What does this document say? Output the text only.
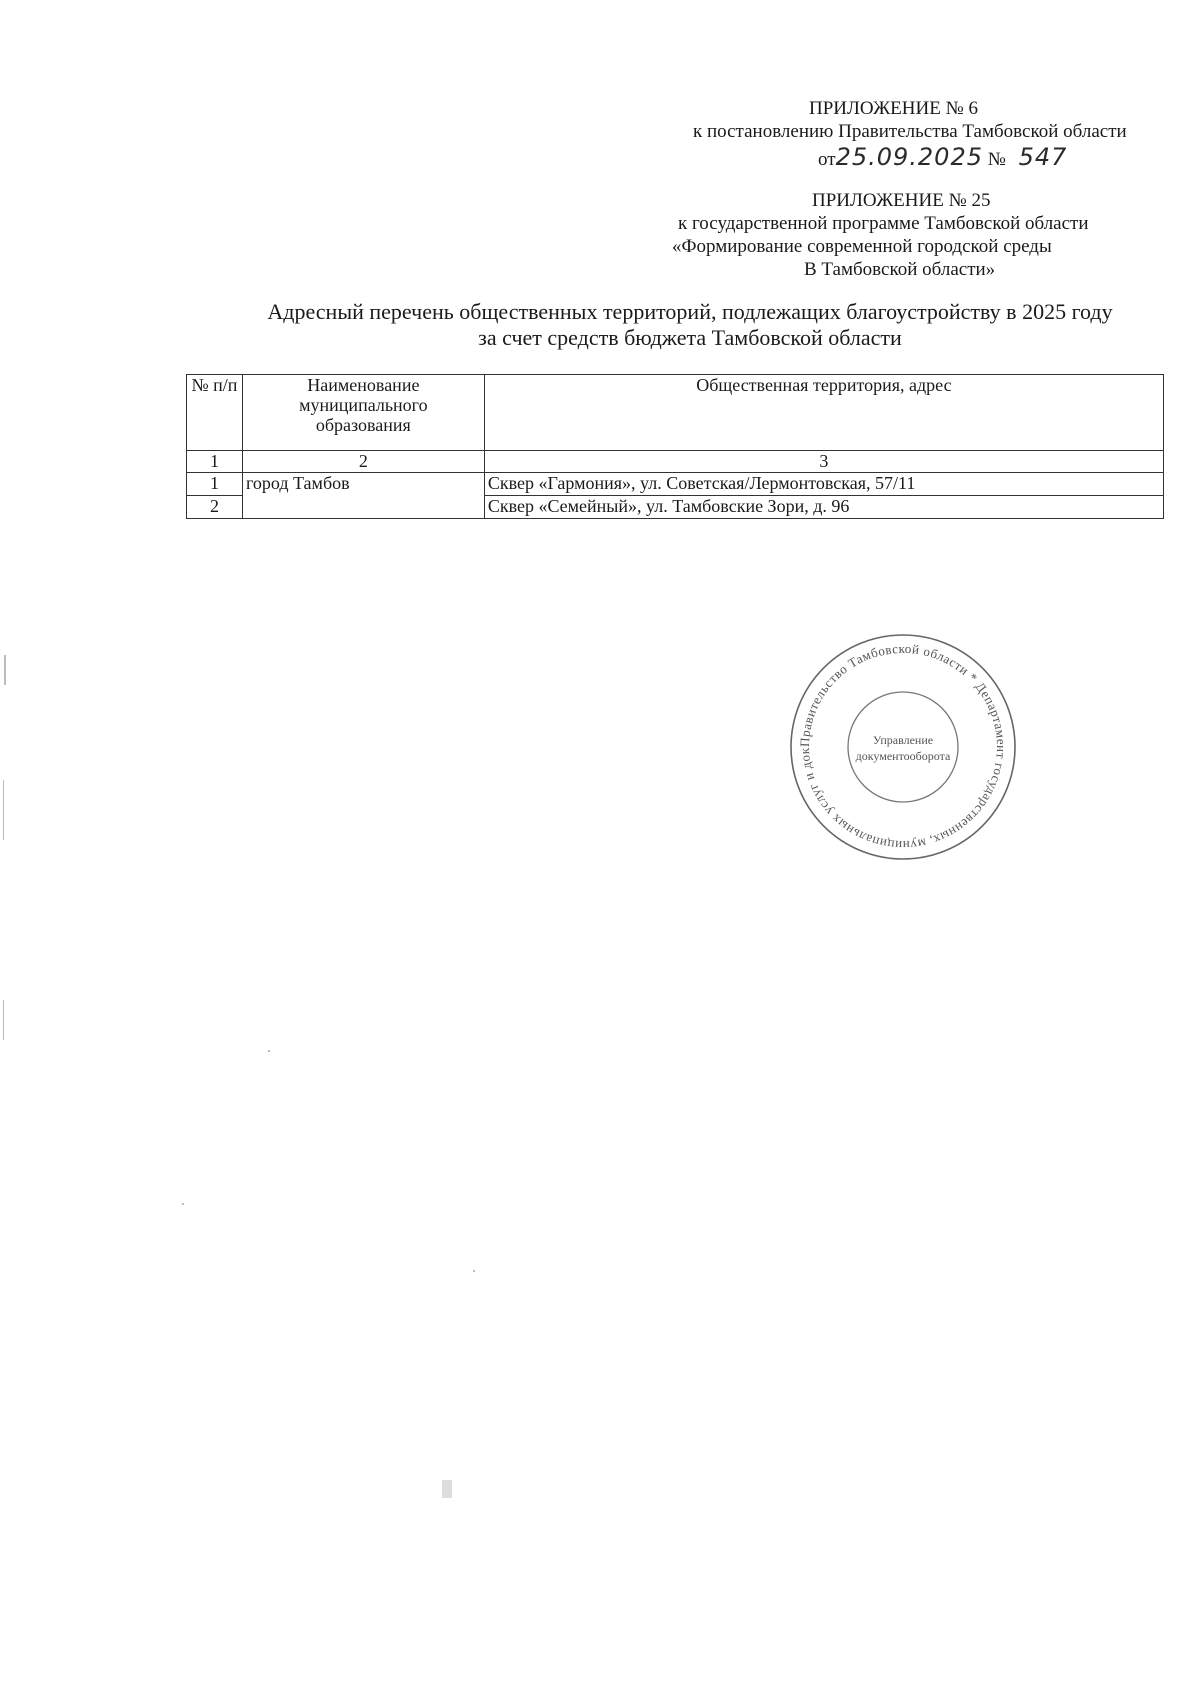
ПРИЛОЖЕНИЕ № 6
к постановлению Правительства Тамбовской области
от25.09.2025 № 547
ПРИЛОЖЕНИЕ № 25
к государственной программе Тамбовской области
«Формирование современной городской среды
В Тамбовской области»
Адресный перечень общественных территорий, подлежащих благоустройству в 2025 году
за счет средств бюджета Тамбовской области
№ п/п	Наименование муниципального образования	Общественная территория, адрес
1	2	3
1	город Тамбов	Сквер «Гармония», ул. Советская/Лермонтовская, 57/11
2		Сквер «Семейный», ул. Тамбовские Зори, д. 96
Правительство Тамбовской области * Департамент государственных, муниципальных услуг и док
Управление
документооборота
